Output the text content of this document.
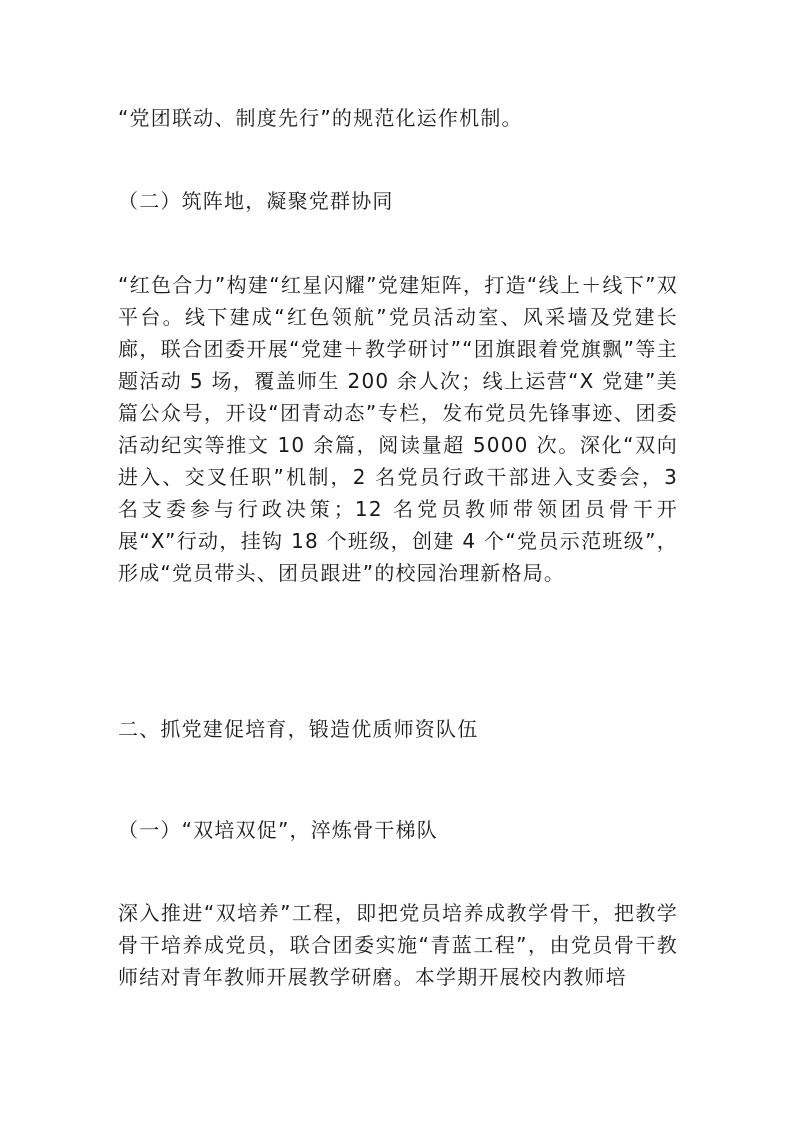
“党团联动、制度先行”的规范化运作机制。

（二）筑阵地，凝聚党群协同

“红色合力”构建“红星闪耀”党建矩阵，打造“线上＋线下”双平台。线下建成“红色领航”党员活动室、风采墙及党建长廊，联合团委开展“党建＋教学研讨”“团旗跟着党旗飘”等主题活动 5 场，覆盖师生 200 余人次；线上运营“X 党建”美篇公众号，开设“团青动态”专栏，发布党员先锋事迹、团委活动纪实等推文 10 余篇，阅读量超 5000 次。深化“双向进入、交叉任职”机制，2 名党员行政干部进入支委会，3 名支委参与行政决策；12 名党员教师带领团员骨干开展“X”行动，挂钩 18 个班级，创建 4 个“党员示范班级”，形成“党员带头、团员跟进”的校园治理新格局。

二、抓党建促培育，锻造优质师资队伍

（一）“双培双促”，淬炼骨干梯队

深入推进“双培养”工程，即把党员培养成教学骨干，把教学骨干培养成党员，联合团委实施“青蓝工程”，由党员骨干教师结对青年教师开展教学研磨。本学期开展校内教师培
